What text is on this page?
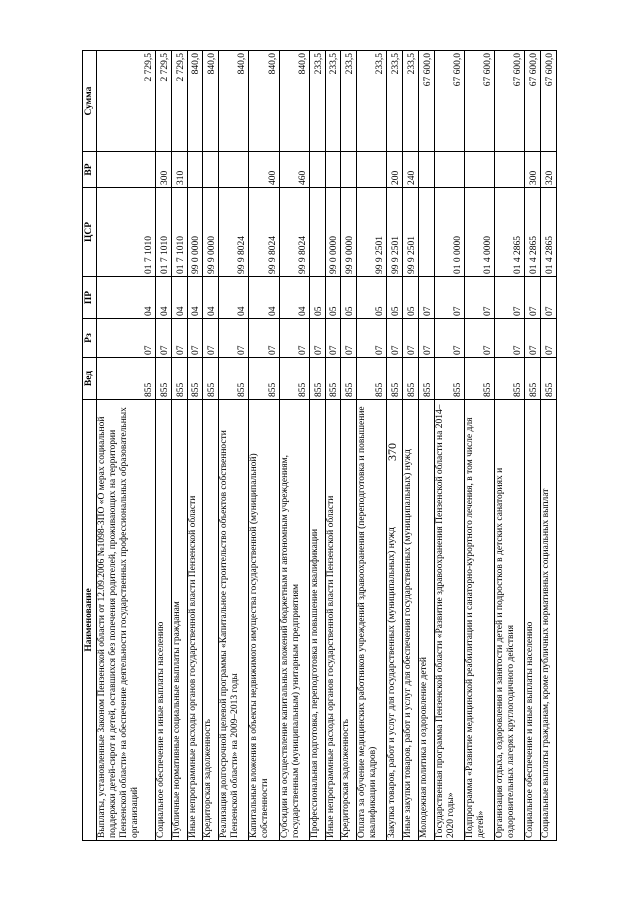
370
Наименование	Вед	Рз	ПР	ЦСР	ВР	Сумма
Выплаты, установленные Законом Пензенской области от 12.09.2006 №1098-ЗПО «О мерах социальной поддержки детей-сирот и детей, оставшихся без попечения родителей, проживающих на территории Пензенской области» на обеспечение деятельности государственных профессиональных образовательных организаций	855	07	04	01 7 1010		2 729,5
Социальное обеспечение и иные выплаты населению	855	07	04	01 7 1010	300	2 729,5
Публичные нормативные социальные выплаты гражданам	855	07	04	01 7 1010	310	2 729,5
Иные непрограммные расходы органов государственной власти Пензенской области	855	07	04	99 0 0000		840,0
Кредиторская задолженность	855	07	04	99 9 0000		840,0
Реализация долгосрочной целевой программы «Капитальное строительство объектов собственности Пензенской области» на 2009–2013 годы	855	07	04	99 9 8024		840,0
Капитальные вложения в объекты недвижимого имущества государственной (муниципальной) собственности	855	07	04	99 9 8024	400	840,0
Субсидии на осуществление капитальных вложений бюджетным и автономным учреждениям, государственным (муниципальным) унитарным предприятиям	855	07	04	99 9 8024	460	840,0
Профессиональная подготовка, переподготовка и повышение квалификации	855	07	05			233,5
Иные непрограммные расходы органов государственной власти Пензенской области	855	07	05	99 0 0000		233,5
Кредиторская задолженность	855	07	05	99 9 0000		233,5
Оплата за обучение медицинских работников учреждений здравоохранения (переподготовка и повышение квалификации кадров)	855	07	05	99 9 2501		233,5
Закупка товаров, работ и услуг для государственных (муниципальных) нужд	855	07	05	99 9 2501	200	233,5
Иные закупки товаров, работ и услуг для обеспечения государственных (муниципальных) нужд	855	07	05	99 9 2501	240	233,5
Молодежная политика и оздоровление детей	855	07	07			67 600,0
Государственная программа Пензенской области «Развитие здравоохранения Пензенской области на 2014–2020 годы»	855	07	07	01 0 0000		67 600,0
Подпрограмма «Развитие медицинской реабилитации и санаторно-курортного лечения, в том числе для детей»	855	07	07	01 4 0000		67 600,0
Организация отдыха, оздоровления и занятости детей и подростков в детских санаториях и оздоровительных лагерях круглогодичного действия	855	07	07	01 4 2865		67 600,0
Социальное обеспечение и иные выплаты населению	855	07	07	01 4 2865	300	67 600,0
Социальные выплаты гражданам, кроме публичных нормативных социальных выплат	855	07	07	01 4 2865	320	67 600,0
